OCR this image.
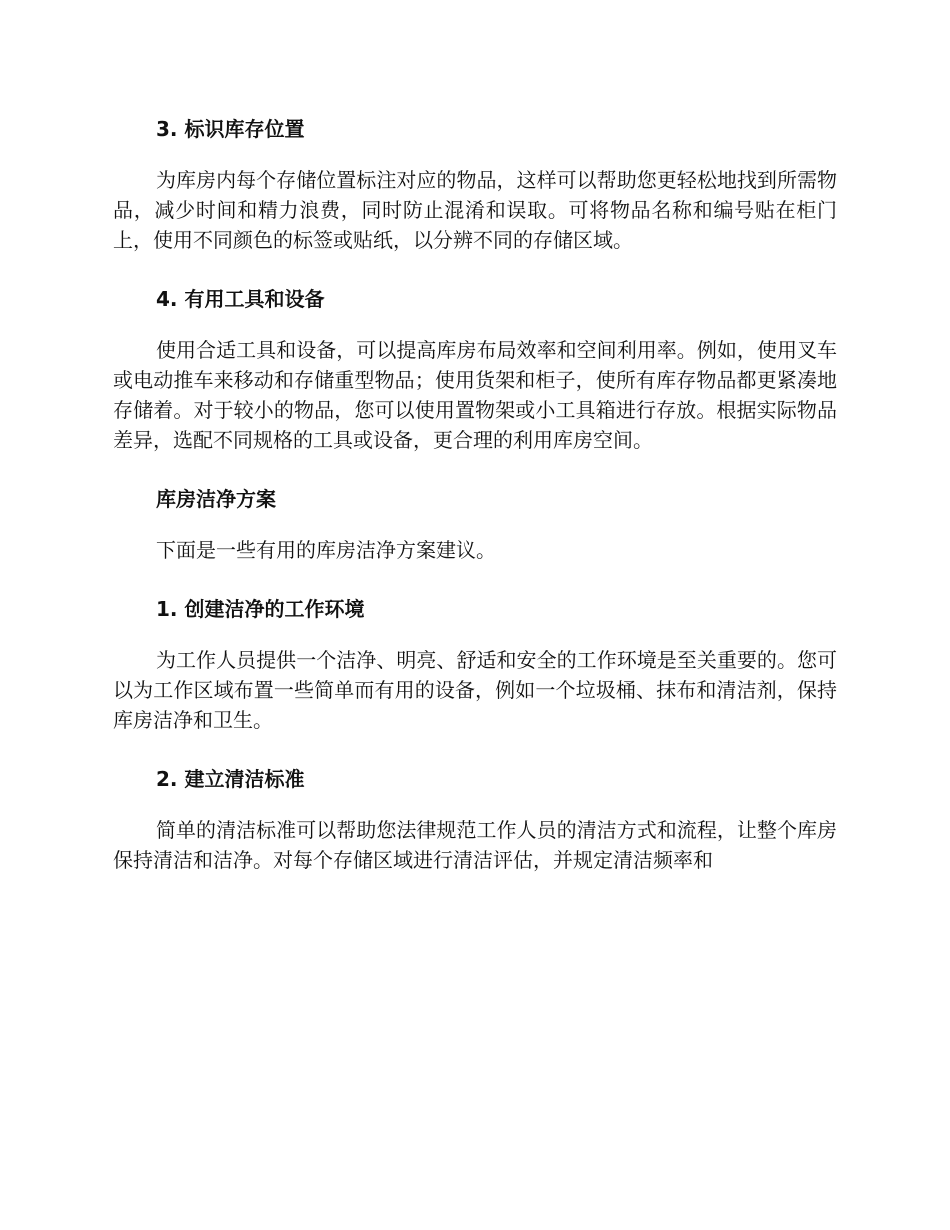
3. 标识库存位置

为库房内每个存储位置标注对应的物品，这样可以帮助您更轻松地找到所需物品，减少时间和精力浪费，同时防止混淆和误取。可将物品名称和编号贴在柜门上，使用不同颜色的标签或贴纸，以分辨不同的存储区域。

4. 有用工具和设备

使用合适工具和设备，可以提高库房布局效率和空间利用率。例如，使用叉车或电动推车来移动和存储重型物品；使用货架和柜子，使所有库存物品都更紧凑地存储着。对于较小的物品，您可以使用置物架或小工具箱进行存放。根据实际物品差异，选配不同规格的工具或设备，更合理的利用库房空间。

库房洁净方案

下面是一些有用的库房洁净方案建议。

1. 创建洁净的工作环境

为工作人员提供一个洁净、明亮、舒适和安全的工作环境是至关重要的。您可以为工作区域布置一些简单而有用的设备，例如一个垃圾桶、抹布和清洁剂，保持库房洁净和卫生。

2. 建立清洁标准

简单的清洁标准可以帮助您法律规范工作人员的清洁方式和流程，让整个库房保持清洁和洁净。对每个存储区域进行清洁评估，并规定清洁频率和
